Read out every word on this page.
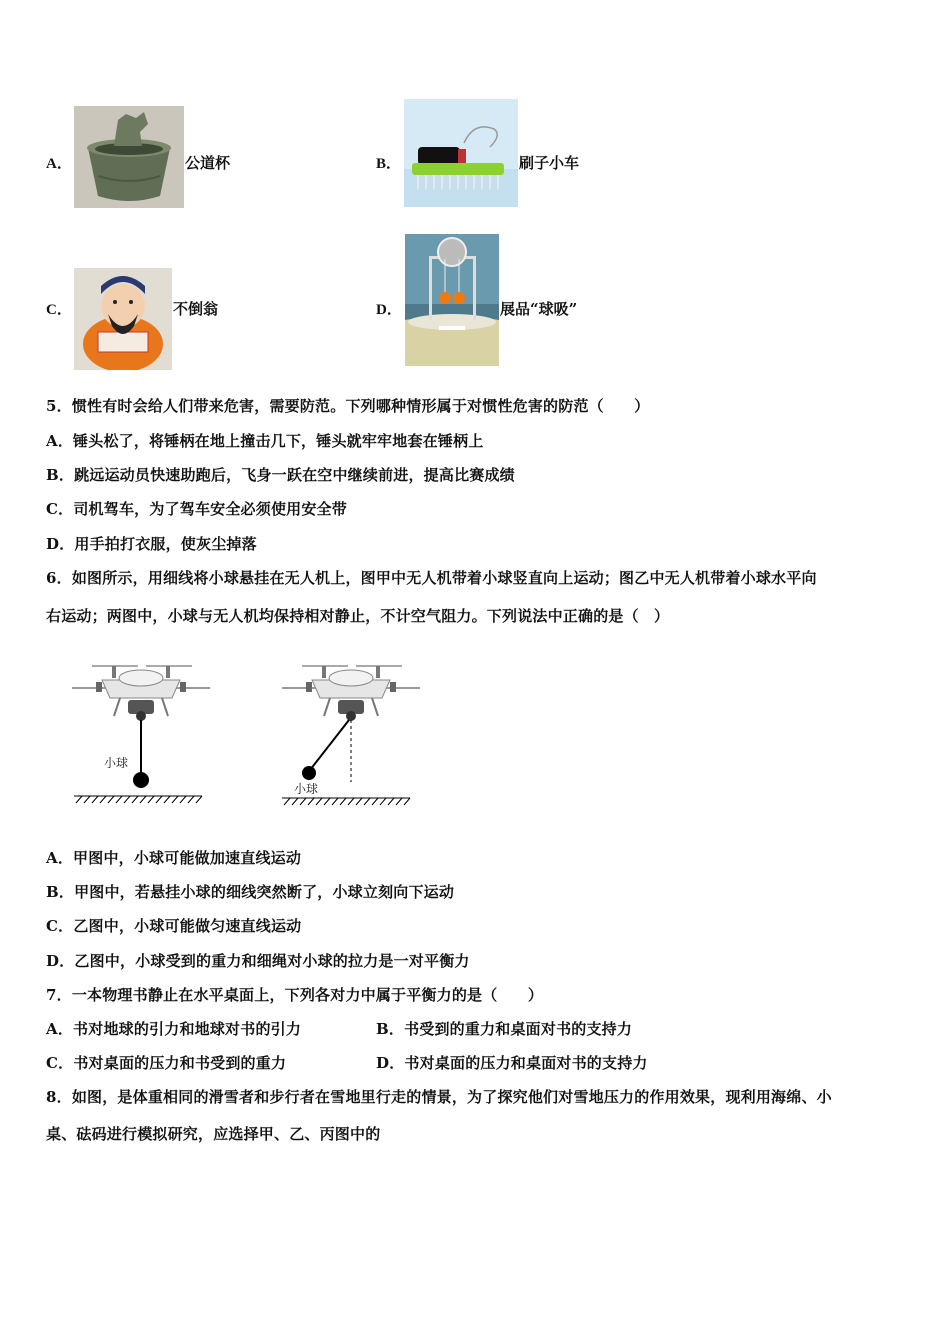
A．	公道杯	B．	刷子小车
C．	不倒翁	D．	展品“球吸”
5．惯性有时会给人们带来危害，需要防范。下列哪种情形属于对惯性危害的防范（　　）
A．锤头松了，将锤柄在地上撞击几下，锤头就牢牢地套在锤柄上
B．跳远运动员快速助跑后，飞身一跃在空中继续前进，提高比赛成绩
C．司机驾车，为了驾车安全必须使用安全带
D．用手拍打衣服，使灰尘掉落
6．如图所示，用细线将小球悬挂在无人机上，图甲中无人机带着小球竖直向上运动；图乙中无人机带着小球水平向
右运动；两图中，小球与无人机均保持相对静止，不计空气阻力。下列说法中正确的是（　）
小球
小球
A．甲图中，小球可能做加速直线运动
B．甲图中，若悬挂小球的细线突然断了，小球立刻向下运动
C．乙图中，小球可能做匀速直线运动
D．乙图中，小球受到的重力和细绳对小球的拉力是一对平衡力
7．一本物理书静止在水平桌面上，下列各对力中属于平衡力的是（　　）
A．书对地球的引力和地球对书的引力	B．书受到的重力和桌面对书的支持力
C．书对桌面的压力和书受到的重力	D．书对桌面的压力和桌面对书的支持力
8．如图，是体重相同的滑雪者和步行者在雪地里行走的情景，为了探究他们对雪地压力的作用效果，现利用海绵、小
桌、砝码进行模拟研究，应选择甲、乙、丙图中的
